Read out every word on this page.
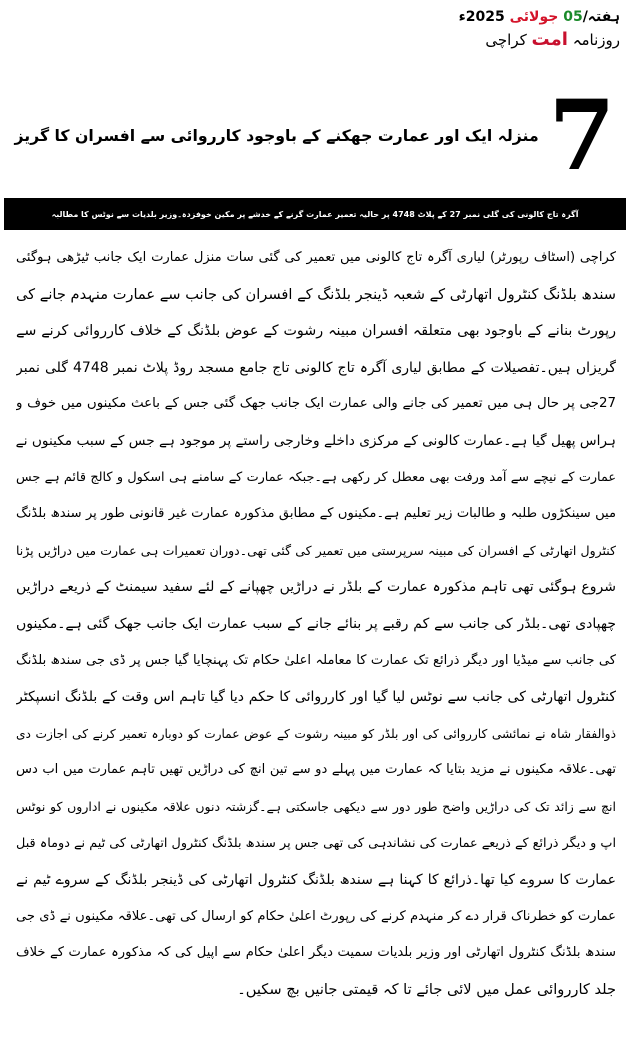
ہفتہ/05 جولائی 2025ء
روزنامہ امت کراچی
7
منزلہ ایک اور عمارت جھکنے کے باوجود کارروائی سے افسران کا گریز
آگرہ تاج کالونی کی گلی نمبر 27 کے پلاٹ 4748 پر حالیہ تعمیر عمارت گرنے کے خدشے پر مکین خوفزدہ۔وزیر بلدیات سے نوٹس کا مطالبہ
کراچی (اسٹاف رپورٹر) لیاری آگرہ تاج کالونی میں تعمیر کی گئی سات منزل عمارت ایک جانب ٹیڑھی ہوگئی
سندھ بلڈنگ کنٹرول اتھارٹی کے شعبہ ڈینجر بلڈنگ کے افسران کی جانب سے عمارت منہدم جانے کی
رپورٹ بنانے کے باوجود بھی متعلقہ افسران مبینہ رشوت کے عوض بلڈنگ کے خلاف کارروائی کرنے سے
گریزاں ہیں۔تفصیلات کے مطابق لیاری آگرہ تاج کالونی تاج جامع مسجد روڈ پلاٹ نمبر 4748 گلی نمبر
27جی پر حال ہی میں تعمیر کی جانے والی عمارت ایک جانب جھک گئی جس کے باعث مکینوں میں خوف و
ہراس پھیل گیا ہے۔عمارت کالونی کے مرکزی داخلے وخارجی راستے پر موجود ہے جس کے سبب مکینوں نے
عمارت کے نیچے سے آمد ورفت بھی معطل کر رکھی ہے۔جبکہ عمارت کے سامنے ہی اسکول و کالج قائم ہے جس
میں سینکڑوں طلبہ و طالبات زیر تعلیم ہے۔مکینوں کے مطابق مذکورہ عمارت غیر قانونی طور پر سندھ بلڈنگ
کنٹرول اتھارٹی کے افسران کی مبینہ سرپرستی میں تعمیر کی گئی تھی۔دوران تعمیرات ہی عمارت میں دراڑیں پڑنا
شروع ہوگئی تھی تاہم مذکورہ عمارت کے بلڈر نے دراڑیں چھپانے کے لئے سفید سیمنٹ کے ذریعے دراڑیں
چھپادی تھی۔بلڈر کی جانب سے کم رقبے پر بنائے جانے کے سبب عمارت ایک جانب جھک گئی ہے۔مکینوں
کی جانب سے میڈیا اور دیگر ذرائع تک عمارت کا معاملہ اعلیٰ حکام تک پہنچایا گیا جس پر ڈی جی سندھ بلڈنگ
کنٹرول اتھارٹی کی جانب سے نوٹس لیا گیا اور کارروائی کا حکم دیا گیا تاہم اس وقت کے بلڈنگ انسپکٹر
ذوالفقار شاہ نے نمائشی کارروائی کی اور بلڈر کو مبینہ رشوت کے عوض عمارت کو دوبارہ تعمیر کرنے کی اجازت دی
تھی۔علاقہ مکینوں نے مزید بتایا کہ عمارت میں پہلے دو سے تین انچ کی دراڑیں تھیں تاہم عمارت میں اب دس
انچ سے زائد تک کی دراڑیں واضح طور دور سے دیکھی جاسکتی ہے۔گزشتہ دنوں علاقہ مکینوں نے اداروں کو نوٹس
اپ و دیگر ذرائع کے ذریعے عمارت کی نشاندہی کی تھی جس پر سندھ بلڈنگ کنٹرول اتھارٹی کی ٹیم نے دوماہ قبل
عمارت کا سروے کیا تھا۔ذرائع کا کہنا ہے سندھ بلڈنگ کنٹرول اتھارٹی کی ڈینجر بلڈنگ کے سروے ٹیم نے
عمارت کو خطرناک قرار دے کر منہدم کرنے کی رپورٹ اعلیٰ حکام کو ارسال کی تھی۔علاقہ مکینوں نے ڈی جی
سندھ بلڈنگ کنٹرول اتھارٹی اور وزیر بلدیات سمیت دیگر اعلیٰ حکام سے اپیل کی کہ مذکورہ عمارت کے خلاف
جلد کارروائی عمل میں لائی جائے تا کہ قیمتی جانیں بچ سکیں۔
